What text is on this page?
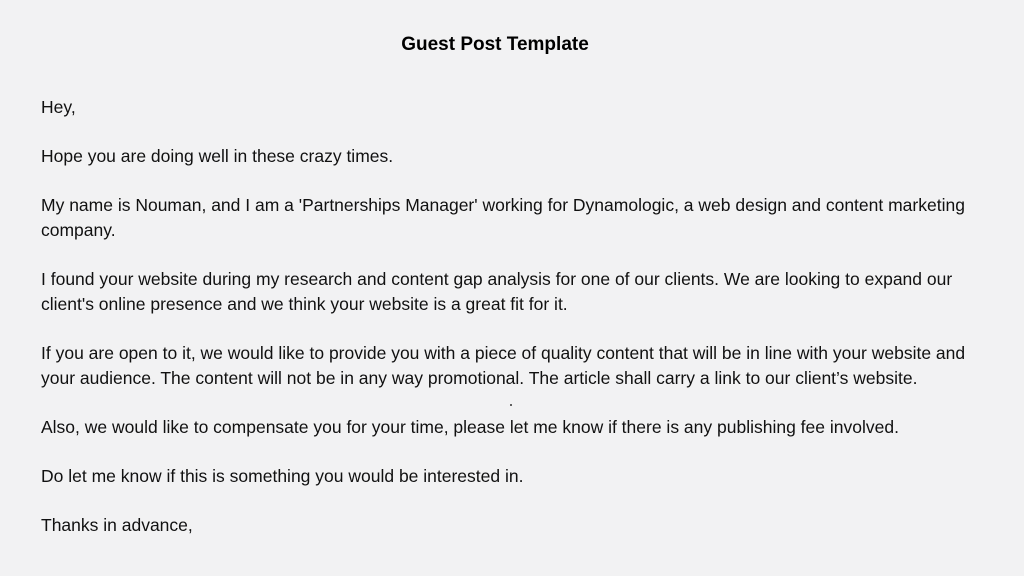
Guest Post Template

Hey,

Hope you are doing well in these crazy times.

My name is Nouman, and I am a 'Partnerships Manager' working for Dynamologic, a web design and content marketing company.

I found your website during my research and content gap analysis for one of our clients. We are looking to expand our client's online presence and we think your website is a great fit for it.

If you are open to it, we would like to provide you with a piece of quality content that will be in line with your website and your audience. The content will not be in any way promotional. The article shall carry a link to our client’s website.

Also, we would like to compensate you for your time, please let me know if there is any publishing fee involved.

Do let me know if this is something you would be interested in.

Thanks in advance,
